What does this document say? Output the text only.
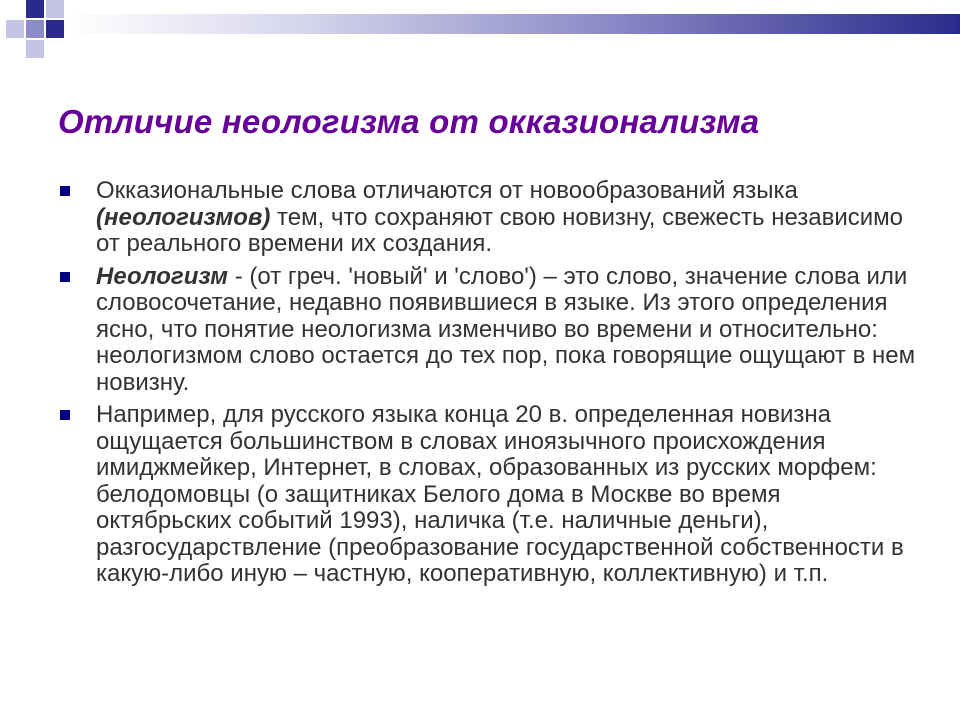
Отличие неологизма от окказионализма
Окказиональные слова отличаются от новообразований языка (неологизмов) тем, что сохраняют свою новизну, свежесть независимо от реального времени их создания.
Неологизм - (от греч. 'новый' и 'слово') – это слово, значение слова или словосочетание, недавно появившиеся в языке. Из этого определения ясно, что понятие неологизма изменчиво во времени и относительно: неологизмом слово остается до тех пор, пока говорящие ощущают в нем новизну.
Например, для русского языка конца 20 в. определенная новизна ощущается большинством в словах иноязычного происхождения имиджмейкер, Интернет, в словах, образованных из русских морфем: белодомовцы (о защитниках Белого дома в Москве во время октябрьских событий 1993), наличка (т.е. наличные деньги), разгосударствление (преобразование государственной собственности в какую-либо иную – частную, кооперативную, коллективную) и т.п.
